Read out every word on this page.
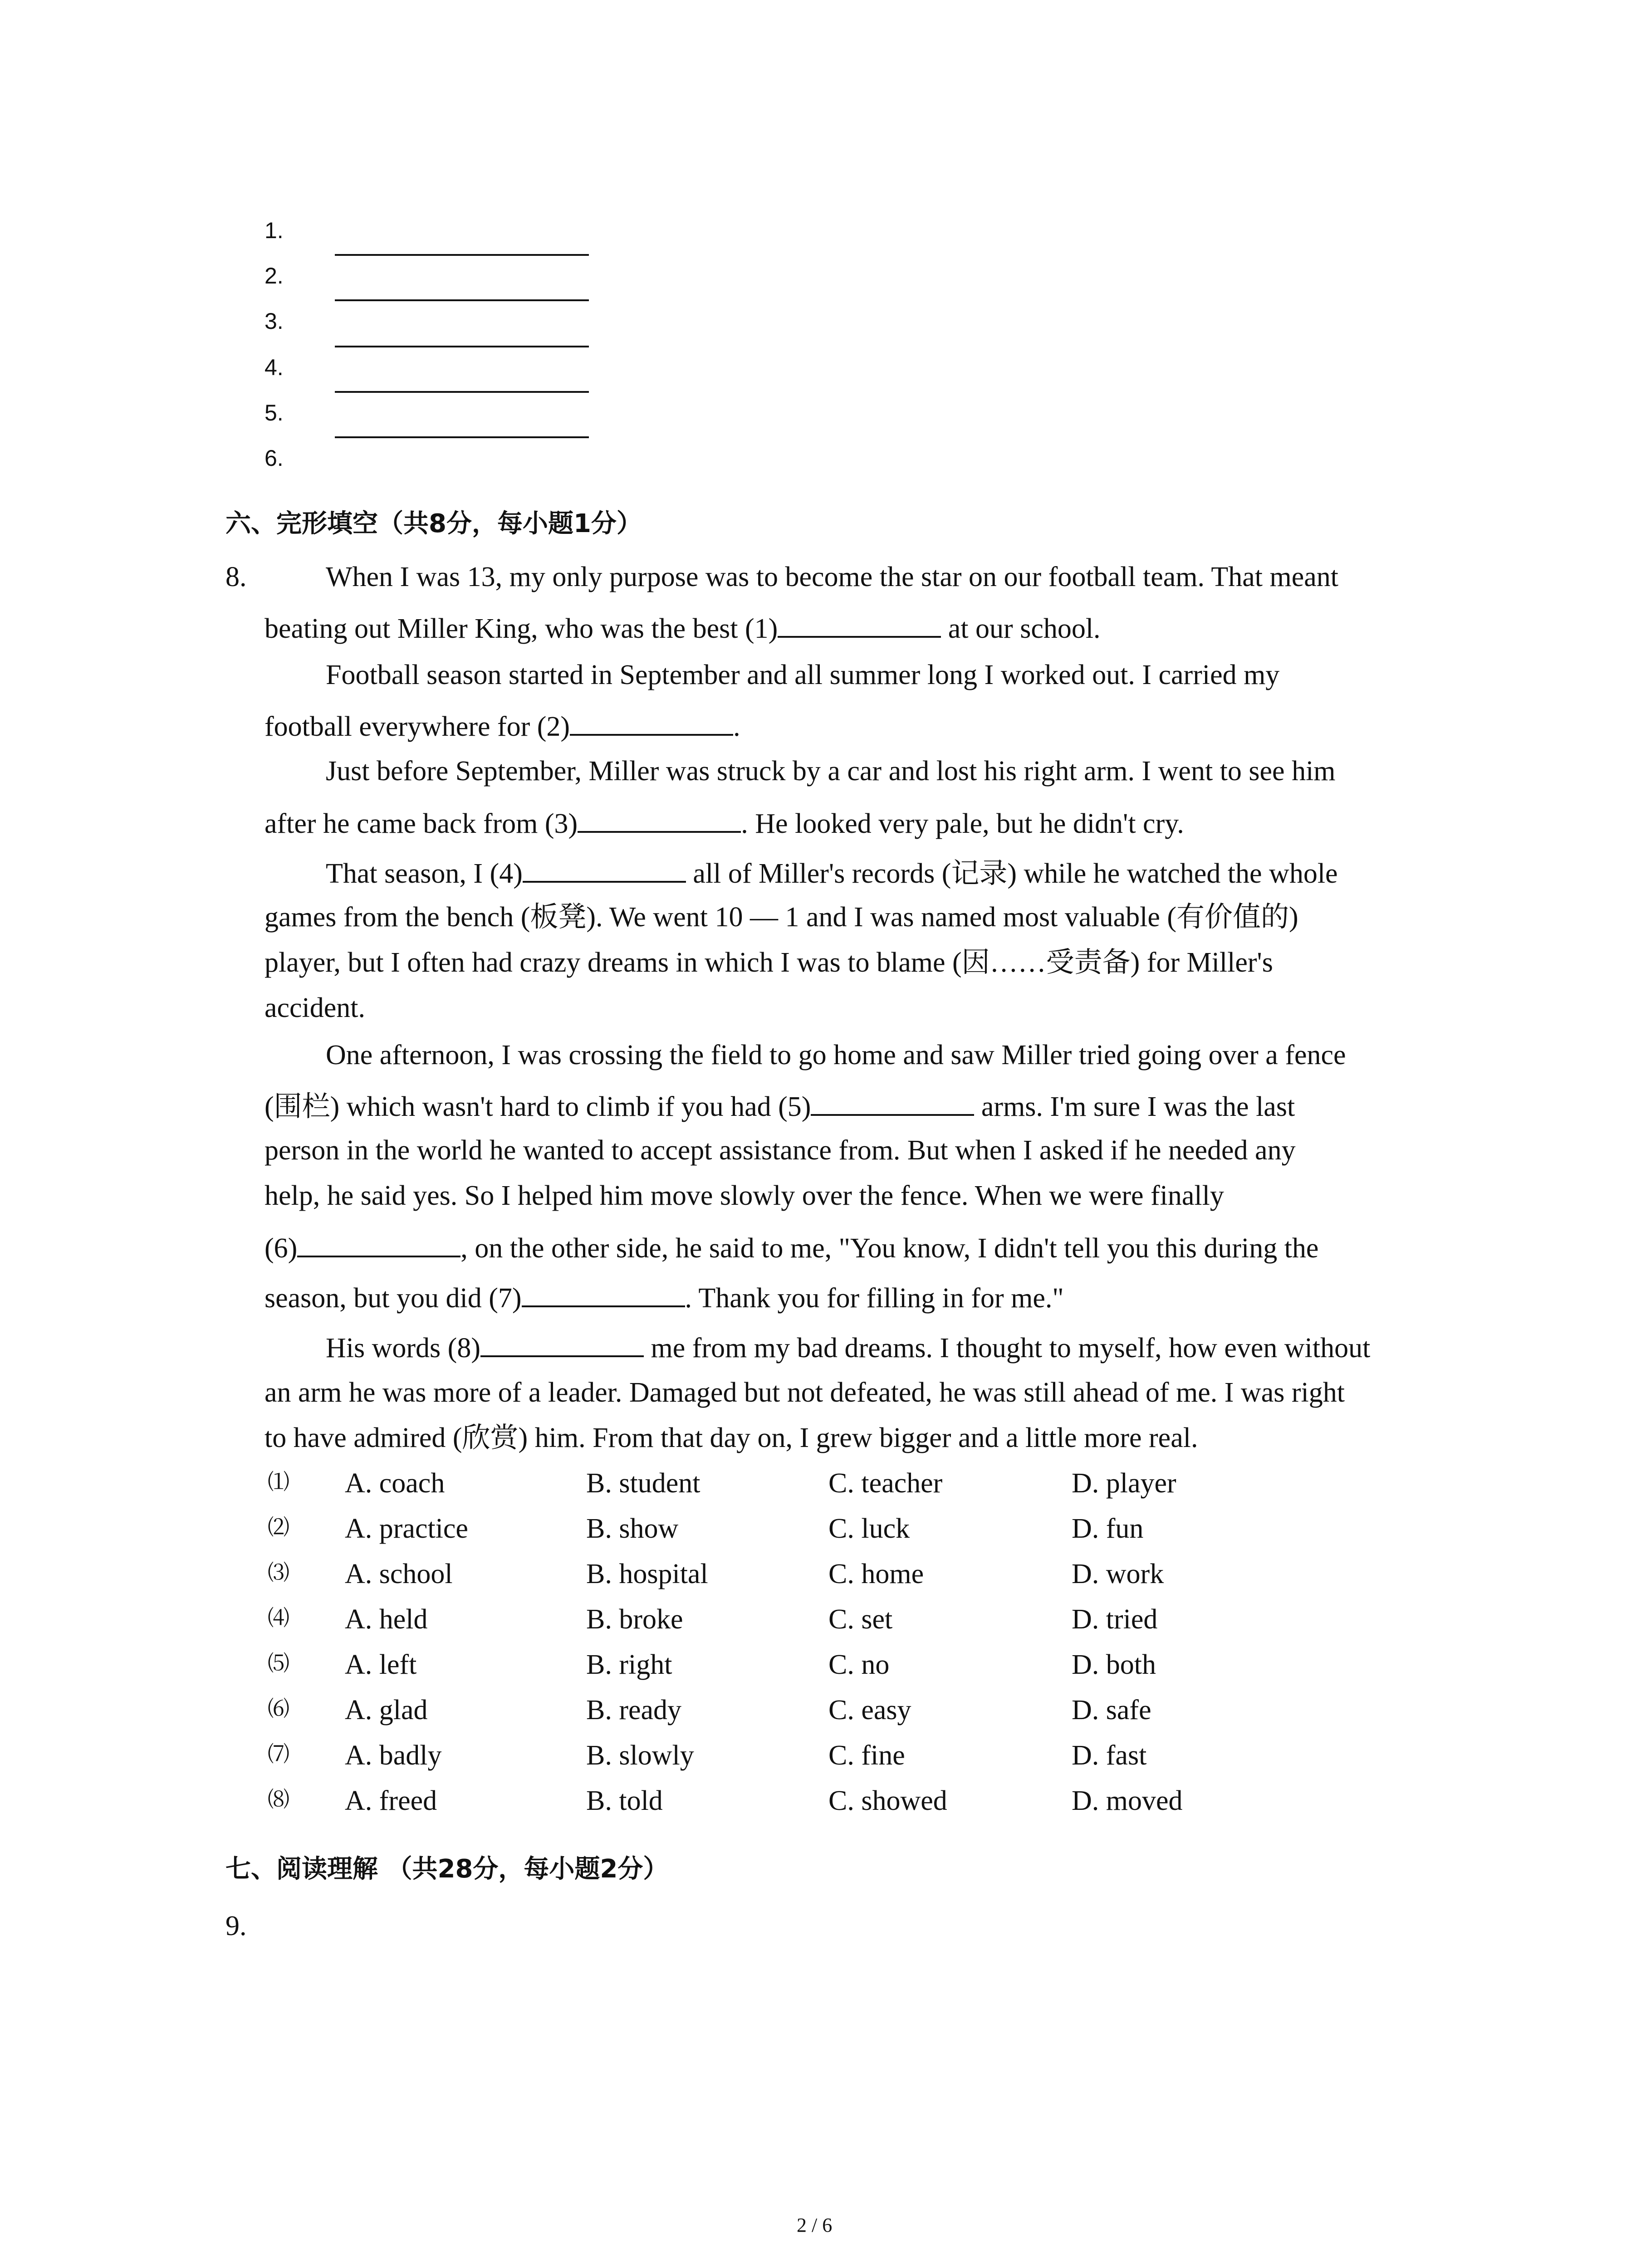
1.
2.
3.
4.
5.
6.
六、完形填空（共8分，每小题1分）
8.	When I was 13, my only purpose was to become the star on our football team. That meant
beating out Miller King, who was the best (1)	at our school.
Football season started in September and all summer long I worked out. I carried my
football everywhere for (2)	.
Just before September, Miller was struck by a car and lost his right arm. I went to see him
after he came back from (3)	. He looked very pale, but he didn't cry.
That season, I (4)	all of Miller's records (记录) while he watched the whole
games from the bench (板凳). We went 10 — 1 and I was named most valuable (有价值的)
player, but I often had crazy dreams in which I was to blame (因……受责备) for Miller's
accident.
One afternoon, I was crossing the field to go home and saw Miller tried going over a fence
(围栏) which wasn't hard to climb if you had (5)	arms. I'm sure I was the last
person in the world he wanted to accept assistance from. But when I asked if he needed any
help, he said yes. So I helped him move slowly over the fence. When we were finally
(6)	, on the other side, he said to me, "You know, I didn't tell you this during the
season, but you did (7)	. Thank you for filling in for me."
His words (8)	me from my bad dreams. I thought to myself, how even without
an arm he was more of a leader. Damaged but not defeated, he was still ahead of me. I was right
to have admired (欣赏) him. From that day on, I grew bigger and a little more real.
⑴ A. coach	B. student	C. teacher	D. player
⑵ A. practice	B. show	C. luck	D. fun
⑶ A. school	B. hospital	C. home	D. work
⑷ A. held	B. broke	C. set	D. tried
⑸ A. left	B. right	C. no	D. both
⑹ A. glad	B. ready	C. easy	D. safe
⑺ A. badly	B. slowly	C. fine	D. fast
⑻ A. freed	B. told	C. showed	D. moved
七、阅读理解 （共28分，每小题2分）
9.
2 / 6
